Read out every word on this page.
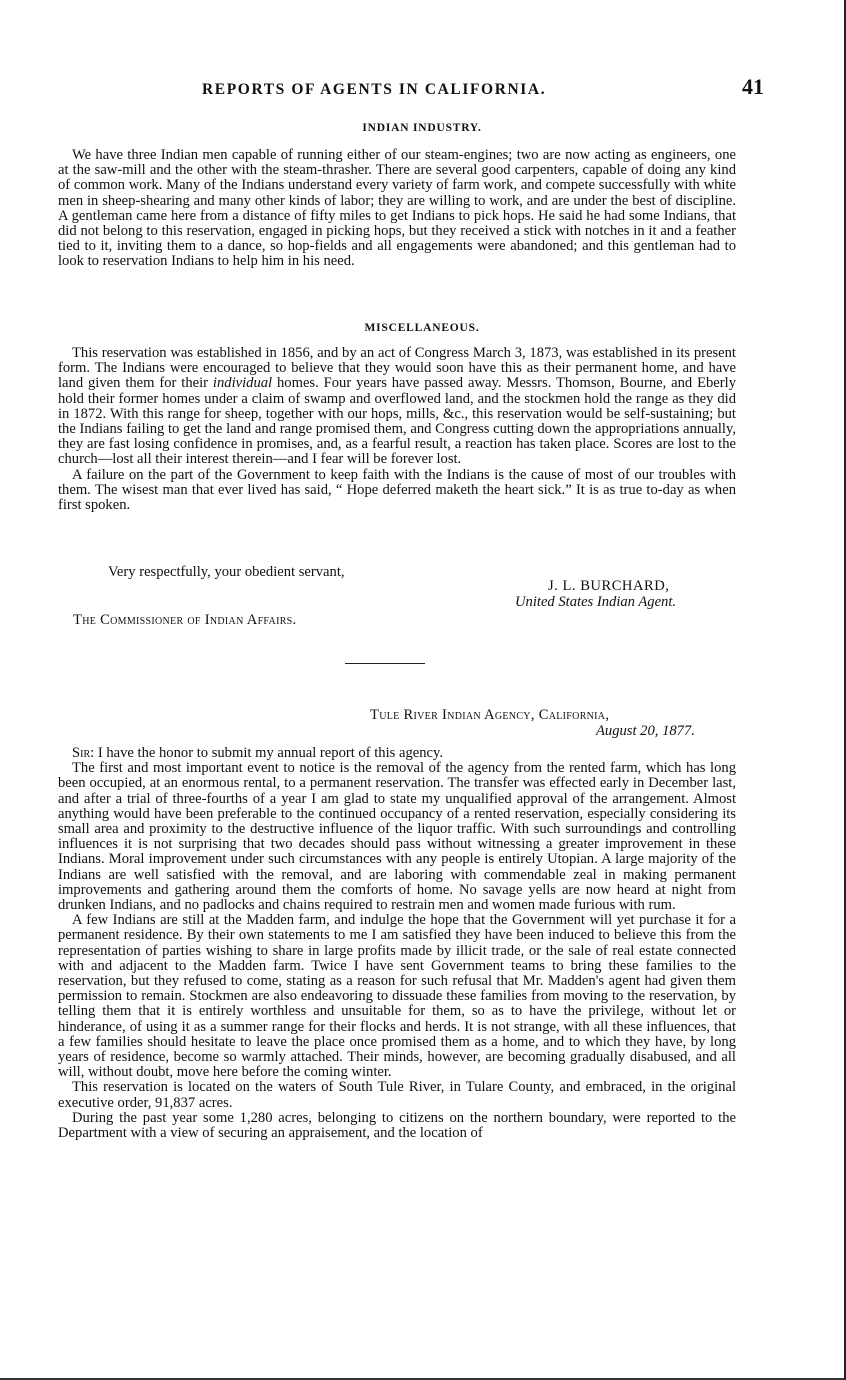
REPORTS OF AGENTS IN CALIFORNIA.	41
INDIAN INDUSTRY.

We have three Indian men capable of running either of our steam-engines; two are now acting as engineers, one at the saw-mill and the other with the steam-thrasher. There are several good carpenters, capable of doing any kind of common work. Many of the Indians understand every variety of farm work, and compete successfully with white men in sheep-shearing and many other kinds of labor; they are willing to work, and are under the best of discipline. A gentleman came here from a distance of fifty miles to get Indians to pick hops. He said he had some Indians, that did not belong to this reservation, engaged in picking hops, but they received a stick with notches in it and a feather tied to it, inviting them to a dance, so hop-fields and all engagements were abandoned; and this gentleman had to look to reservation Indians to help him in his need.

MISCELLANEOUS.

This reservation was established in 1856, and by an act of Congress March 3, 1873, was established in its present form. The Indians were encouraged to believe that they would soon have this as their permanent home, and have land given them for their individual homes. Four years have passed away. Messrs. Thomson, Bourne, and Eberly hold their former homes under a claim of swamp and overflowed land, and the stockmen hold the range as they did in 1872. With this range for sheep, together with our hops, mills, &c., this reservation would be self-sustaining; but the Indians failing to get the land and range promised them, and Congress cutting down the appropriations annually, they are fast losing confidence in promises, and, as a fearful result, a reaction has taken place. Scores are lost to the church—lost all their interest therein—and I fear will be forever lost.

A failure on the part of the Government to keep faith with the Indians is the cause of most of our troubles with them. The wisest man that ever lived has said, “ Hope deferred maketh the heart sick.” It is as true to-day as when first spoken.

Very respectfully, your obedient servant,
J. L. BURCHARD,
United States Indian Agent.
The Commissioner of Indian Affairs.
Tule River Indian Agency, California,
August 20, 1877.

Sir: I have the honor to submit my annual report of this agency.

The first and most important event to notice is the removal of the agency from the rented farm, which has long been occupied, at an enormous rental, to a permanent reservation. The transfer was effected early in December last, and after a trial of three-fourths of a year I am glad to state my unqualified approval of the arrangement. Almost anything would have been preferable to the continued occupancy of a rented reservation, especially considering its small area and proximity to the destructive influence of the liquor traffic. With such surroundings and controlling influences it is not surprising that two decades should pass without witnessing a greater improvement in these Indians. Moral improvement under such circumstances with any people is entirely Utopian. A large majority of the Indians are well satisfied with the removal, and are laboring with commendable zeal in making permanent improvements and gathering around them the comforts of home. No savage yells are now heard at night from drunken Indians, and no padlocks and chains required to restrain men and women made furious with rum.

A few Indians are still at the Madden farm, and indulge the hope that the Government will yet purchase it for a permanent residence. By their own statements to me I am satisfied they have been induced to believe this from the representation of parties wishing to share in large profits made by illicit trade, or the sale of real estate connected with and adjacent to the Madden farm. Twice I have sent Government teams to bring these families to the reservation, but they refused to come, stating as a reason for such refusal that Mr. Madden's agent had given them permission to remain. Stockmen are also endeavoring to dissuade these families from moving to the reservation, by telling them that it is entirely worthless and unsuitable for them, so as to have the privilege, without let or hinderance, of using it as a summer range for their flocks and herds. It is not strange, with all these influences, that a few families should hesitate to leave the place once promised them as a home, and to which they have, by long years of residence, become so warmly attached. Their minds, however, are becoming gradually disabused, and all will, without doubt, move here before the coming winter.

This reservation is located on the waters of South Tule River, in Tulare County, and embraced, in the original executive order, 91,837 acres.

During the past year some 1,280 acres, belonging to citizens on the northern boundary, were reported to the Department with a view of securing an appraisement, and the location of
